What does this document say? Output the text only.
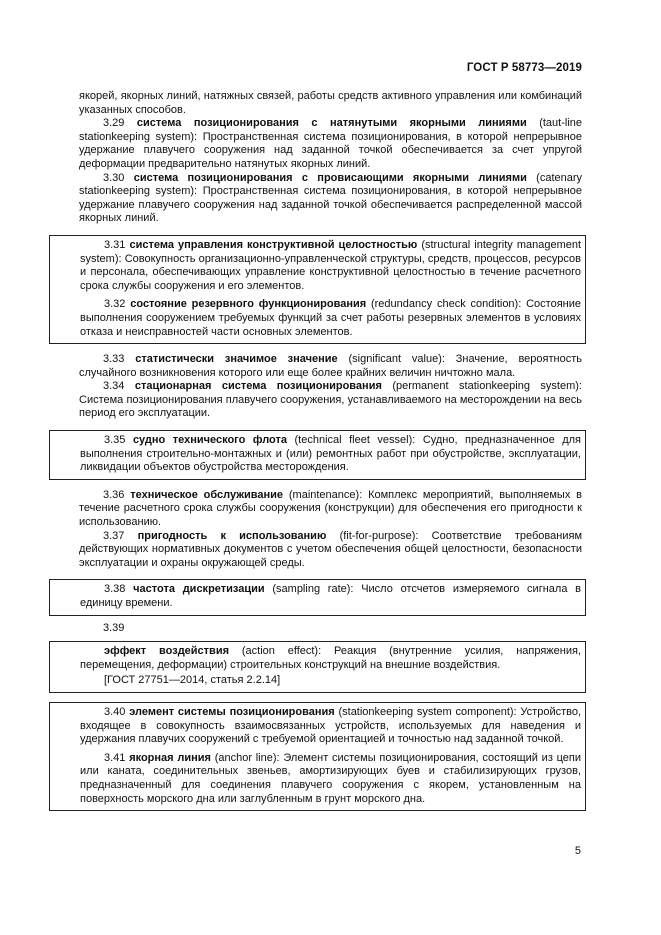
ГОСТ Р 58773—2019

якорей, якорных линий, натяжных связей, работы средств активного управления или комбинаций указанных способов.

3.29 система позиционирования с натянутыми якорными линиями (taut-line stationkeeping system): Пространственная система позиционирования, в которой непрерывное удержание плавучего сооружения над заданной точкой обеспечивается за счет упругой деформации предварительно натянутых якорных линий.

3.30 система позиционирования с провисающими якорными линиями (catenary stationkeeping system): Пространственная система позиционирования, в которой непрерывное удержание плавучего сооружения над заданной точкой обеспечивается распределенной массой якорных линий.

3.31 система управления конструктивной целостностью (structural integrity management system): Совокупность организационно-управленческой структуры, средств, процессов, ресурсов и персонала, обеспечивающих управление конструктивной целостностью в течение расчетного срока службы сооружения и его элементов.

3.32 состояние резервного функционирования (redundancy check condition): Состояние выполнения сооружением требуемых функций за счет работы резервных элементов в условиях отказа и неисправностей части основных элементов.

3.33 статистически значимое значение (significant value): Значение, вероятность случайного возникновения которого или еще более крайних величин ничтожно мала.

3.34 стационарная система позиционирования (permanent stationkeeping system): Система позиционирования плавучего сооружения, устанавливаемого на месторождении на весь период его эксплуатации.

3.35 судно технического флота (technical fleet vessel): Судно, предназначенное для выполнения строительно-монтажных и (или) ремонтных работ при обустройстве, эксплуатации, ликвидации объектов обустройства месторождения.

3.36 техническое обслуживание (maintenance): Комплекс мероприятий, выполняемых в течение расчетного срока службы сооружения (конструкции) для обеспечения его пригодности к использованию.

3.37 пригодность к использованию (fit-for-purpose): Соответствие требованиям действующих нормативных документов с учетом обеспечения общей целостности, безопасности эксплуатации и охраны окружающей среды.

3.38 частота дискретизации (sampling rate): Число отсчетов измеряемого сигнала в единицу времени.

3.39

эффект воздействия (action effect): Реакция (внутренние усилия, напряжения, перемещения, деформации) строительных конструкций на внешние воздействия.

[ГОСТ 27751—2014, статья 2.2.14]

3.40 элемент системы позиционирования (stationkeeping system component): Устройство, входящее в совокупность взаимосвязанных устройств, используемых для наведения и удержания плавучих сооружений с требуемой ориентацией и точностью над заданной точкой.

3.41 якорная линия (anchor line): Элемент системы позиционирования, состоящий из цепи или каната, соединительных звеньев, амортизирующих буев и стабилизирующих грузов, предназначенный для соединения плавучего сооружения с якорем, установленным на поверхность морского дна или заглубленным в грунт морского дна.

5
